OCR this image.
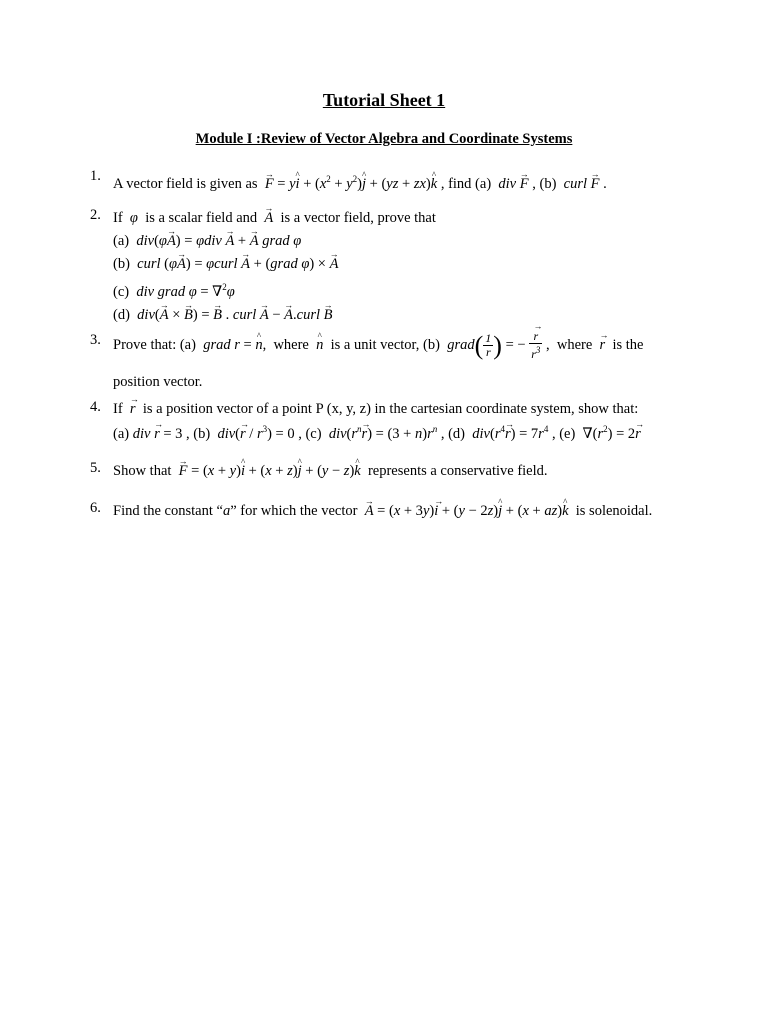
Tutorial Sheet 1
Module I :Review of Vector Algebra and Coordinate Systems
1. A vector field is given as  → F = y^ $i + (x^2$ + $y^2)\^{}$ j + (yz + zx)^ k , find (a)  div → F , (b)  curl → F .
2. If  φ  is a scalar field and  → A  is a vector field, prove that
(a)  div(φ→ A) = φdiv → A + → A grad φ
(b)  curl (φ→ A) = φcurl → A + (grad φ) × → A
(c)  div grad φ = ∇$^2$φ
(d)  div(→ A × → B) = → B . curl → A − → A.curl → B
3. Prove that: (a)  grad r = ^ n,  where  ^ n  is a unit vector, (b)  grad( $\frac{1}{r}$ ) = − → $\frac{r}{r^3}$ ,  where  → r  is the
position vector.
4. If  → r  is a position vector of a point P (x, y, z) in the cartesian coordinate system, show that:
(a) div → r = 3 , (b)  $div(\to r / r^3) = 0$ , (c)  $div(r^n\to r) = (3 + n)r^n$ , (d)  $div(r^4\to r) = 7r^4$ , (e)  $\nabla(r^2) = 2\to r$
5. Show that  → F = (x + y)^ i + (x + z)^ j + (y − z)^ k  represents a conservative field.
6. Find the constant “a” for which the vector  → A = (x + 3y)→ i + (y − 2z)^ j + (x + az)^ k  is solenoidal.
